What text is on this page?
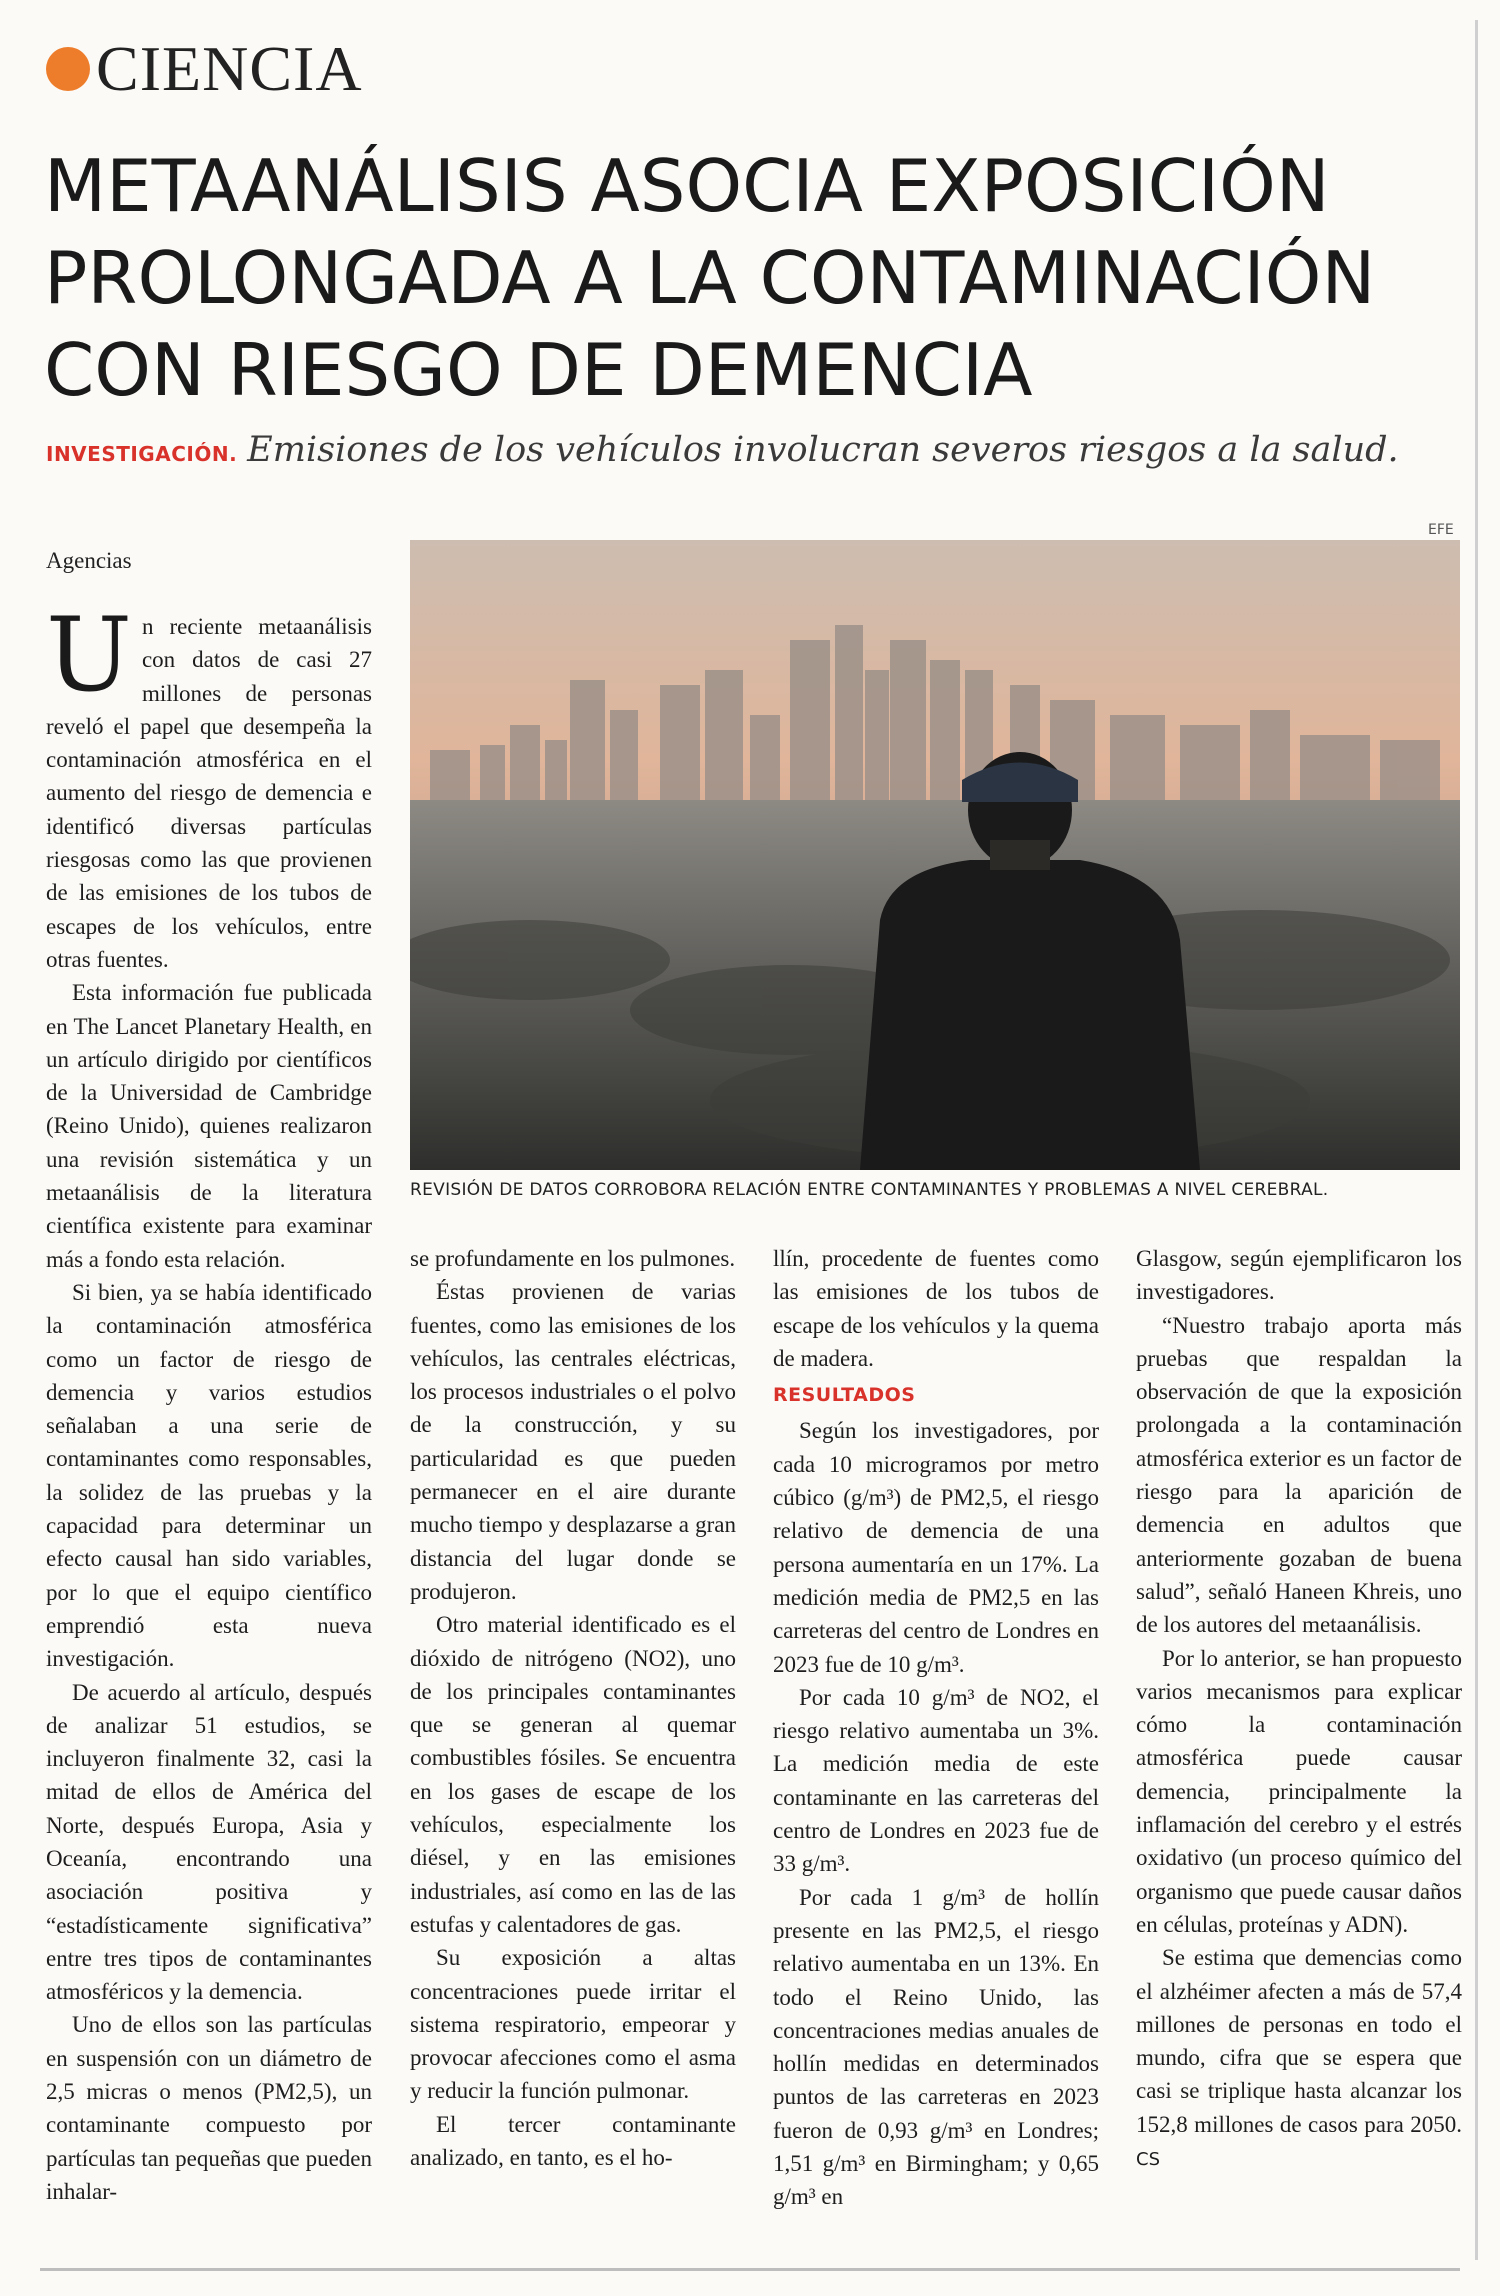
CIENCIA
METAANÁLISIS ASOCIA EXPOSICIÓN
PROLONGADA A LA CONTAMINACIÓN
CON RIESGO DE DEMENCIA
INVESTIGACIÓN. Emisiones de los vehículos involucran severos riesgos a la salud.
EFE
REVISIÓN DE DATOS CORROBORA RELACIÓN ENTRE CONTAMINANTES Y PROBLEMAS A NIVEL CEREBRAL.
Agencias

Un reciente metaanálisis con datos de casi 27 millones de personas reveló el papel que desempeña la contaminación atmosférica en el aumento del riesgo de demencia e identificó diversas partículas riesgosas como las que provienen de las emisiones de los tubos de escapes de los vehículos, entre otras fuentes.

Esta información fue publicada en The Lancet Planetary Health, en un artículo dirigido por científicos de la Universidad de Cambridge (Reino Unido), quienes realizaron una revisión sistemática y un metaanálisis de la literatura científica existente para examinar más a fondo esta relación.

Si bien, ya se había identificado la contaminación atmosférica como un factor de riesgo de demencia y varios estudios señalaban a una serie de contaminantes como responsables, la solidez de las pruebas y la capacidad para determinar un efecto causal han sido variables, por lo que el equipo científico emprendió esta nueva investigación.

De acuerdo al artículo, después de analizar 51 estudios, se incluyeron finalmente 32, casi la mitad de ellos de América del Norte, después Europa, Asia y Oceanía, encontrando una asociación positiva y “estadísticamente significativa” entre tres tipos de contaminantes atmosféricos y la demencia.

Uno de ellos son las partículas en suspensión con un diámetro de 2,5 micras o menos (PM2,5), un contaminante compuesto por partículas tan pequeñas que pueden inhalar-

se profundamente en los pulmones.

Éstas provienen de varias fuentes, como las emisiones de los vehículos, las centrales eléctricas, los procesos industriales o el polvo de la construcción, y su particularidad es que pueden permanecer en el aire durante mucho tiempo y desplazarse a gran distancia del lugar donde se produjeron.

Otro material identificado es el dióxido de nitrógeno (NO2), uno de los principales contaminantes que se generan al quemar combustibles fósiles. Se encuentra en los gases de escape de los vehículos, especialmente los diésel, y en las emisiones industriales, así como en las de las estufas y calentadores de gas.

Su exposición a altas concentraciones puede irritar el sistema respiratorio, empeorar y provocar afecciones como el asma y reducir la función pulmonar.

El tercer contaminante analizado, en tanto, es el ho-

llín, procedente de fuentes como las emisiones de los tubos de escape de los vehículos y la quema de madera.

RESULTADOS

Según los investigadores, por cada 10 microgramos por metro cúbico (g/m³) de PM2,5, el riesgo relativo de demencia de una persona aumentaría en un 17%. La medición media de PM2,5 en las carreteras del centro de Londres en 2023 fue de 10 g/m³.

Por cada 10 g/m³ de NO2, el riesgo relativo aumentaba un 3%. La medición media de este contaminante en las carreteras del centro de Londres en 2023 fue de 33 g/m³.

Por cada 1 g/m³ de hollín presente en las PM2,5, el riesgo relativo aumentaba en un 13%. En todo el Reino Unido, las concentraciones medias anuales de hollín medidas en determinados puntos de las carreteras en 2023 fueron de 0,93 g/m³ en Londres; 1,51 g/m³ en Birmingham; y 0,65 g/m³ en

Glasgow, según ejemplificaron los investigadores.

“Nuestro trabajo aporta más pruebas que respaldan la observación de que la exposición prolongada a la contaminación atmosférica exterior es un factor de riesgo para la aparición de demencia en adultos que anteriormente gozaban de buena salud”, señaló Haneen Khreis, uno de los autores del metaanálisis.

Por lo anterior, se han propuesto varios mecanismos para explicar cómo la contaminación atmosférica puede causar demencia, principalmente la inflamación del cerebro y el estrés oxidativo (un proceso químico del organismo que puede causar daños en células, proteínas y ADN).

Se estima que demencias como el alzhéimer afecten a más de 57,4 millones de personas en todo el mundo, cifra que se espera que casi se triplique hasta alcanzar los 152,8 millones de casos para 2050. CS
